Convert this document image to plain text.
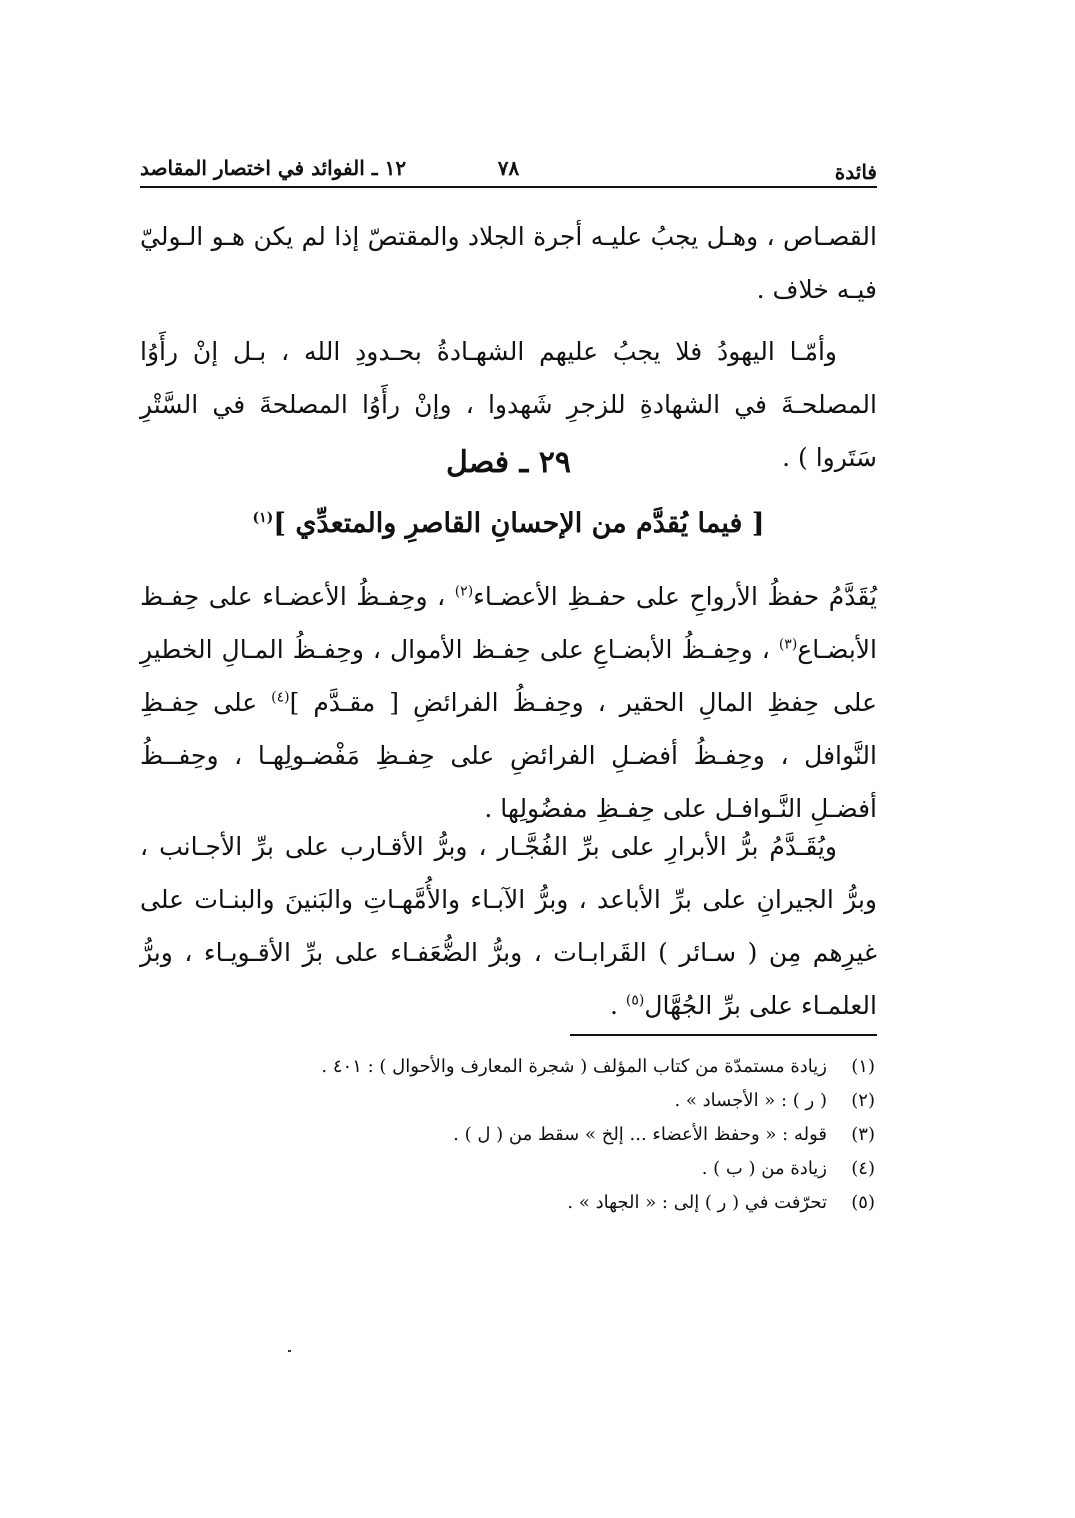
فائدة
٧٨
١٢ ـ الفوائد في اختصار المقاصد
القصـاص ، وهـل يجبُ عليـه أجرة الجلاد والمقتصّ إذا لم يكن هـو الـوليّ فيـه خلاف .
وأمّـا اليهودُ فلا يجبُ عليهم الشهـادةُ بحـدودِ الله ، بـل إنْ رأَوُا المصلحـةَ في الشهادةِ للزجرِ شَهدوا ، وإنْ رأَوُا المصلحةَ في السَّتْرِ سَتَروا ) .
٢٩ ـ فصل
[ فيما يُقدَّم من الإحسانِ القاصرِ والمتعدِّي ]$^{(١)}$
يُقَدَّمُ حفظُ الأرواحِ على حفـظِ الأعضـاء$^{(٢)}$ ، وحِفـظُ الأعضـاء على حِفـظ الأبضـاع$^{(٣)}$ ، وحِفـظُ الأبضـاعِ على حِفـظ الأموال ، وحِفـظُ المـالِ الخطيرِ على حِفظِ المالِ الحقير ، وحِفـظُ الفرائضِ [ مقـدَّم ]$^{(٤)}$ على حِفـظِ النَّوافل ، وحِفـظُ أفضـلِ الفرائضِ على حِفـظِ مَفْضـولِهـا ، وحِفــظُ أفضـلِ النَّـوافـل على حِفـظِ مفضُولِها .
ويُقَـدَّمُ برُّ الأبرارِ على برِّ الفُجَّـار ، وبرُّ الأقـارب على برِّ الأجـانب ، وبرُّ الجيرانِ على برِّ الأباعد ، وبرُّ الآبـاء والأُمَّهـاتِ والبَنينَ والبنـات على غيرِهم مِن ( سـائر ) القَرابـات ، وبرُّ الضُّعَفـاء على برِّ الأقـويـاء ، وبرُّ العلمـاء على برِّ الجُهَّال$^{(٥)}$ .
(١)
زيادة مستمدّة من كتاب المؤلف ( شجرة المعارف والأحوال ) : ٤٠١ .
(٢)
( ر ) : « الأجساد » .
(٣)
قوله : « وحفظ الأعضاء ... إلخ » سقط من ( ل ) .
(٤)
زيادة من ( ب ) .
(٥)
تحرّفت في ( ر ) إلى : « الجهاد » .
